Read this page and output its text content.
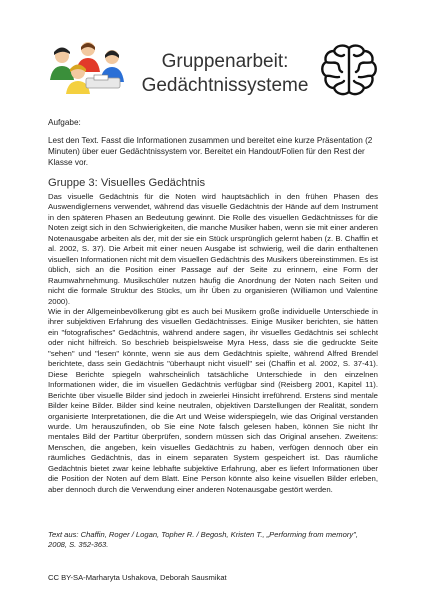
Gruppenarbeit:
Gedächtnissysteme
Aufgabe:
Lest den Text. Fasst die Informationen zusammen und bereitet eine kurze Präsentation (2 Minuten) über euer Gedächtnissystem vor. Bereitet ein Handout/Folien für den Rest der Klasse vor.
Gruppe 3: Visuelles Gedächtnis

Das visuelle Gedächtnis für die Noten wird hauptsächlich in den frühen Phasen des Auswendiglernens verwendet, während das visuelle Gedächtnis der Hände auf dem Instrument in den späteren Phasen an Bedeutung gewinnt. Die Rolle des visuellen Gedächtnisses für die Noten zeigt sich in den Schwierigkeiten, die manche Musiker haben, wenn sie mit einer anderen Notenausgabe arbeiten als der, mit der sie ein Stück ursprünglich gelernt haben (z. B. Chaffin et al. 2002, S. 37). Die Arbeit mit einer neuen Ausgabe ist schwierig, weil die darin enthaltenen visuellen Informationen nicht mit dem visuellen Gedächtnis des Musikers übereinstimmen. Es ist üblich, sich an die Position einer Passage auf der Seite zu erinnern, eine Form der Raumwahrnehmung. Musikschüler nutzen häufig die Anordnung der Noten nach Seiten und nicht die formale Struktur des Stücks, um ihr Üben zu organisieren (Williamon und Valentine 2000).

Wie in der Allgemeinbevölkerung gibt es auch bei Musikern große individuelle Unterschiede in ihrer subjektiven Erfahrung des visuellen Gedächtnisses. Einige Musiker berichten, sie hätten ein "fotografisches" Gedächtnis, während andere sagen, ihr visuelles Gedächtnis sei schlecht oder nicht hilfreich. So beschrieb beispielsweise Myra Hess, dass sie die gedruckte Seite "sehen" und "lesen" könnte, wenn sie aus dem Gedächtnis spielte, während Alfred Brendel berichtete, dass sein Gedächtnis "überhaupt nicht visuell" sei (Chaffin et al. 2002, S. 37-41). Diese Berichte spiegeln wahrscheinlich tatsächliche Unterschiede in den einzelnen Informationen wider, die im visuellen Gedächtnis verfügbar sind (Reisberg 2001, Kapitel 11). Berichte über visuelle Bilder sind jedoch in zweierlei Hinsicht irreführend. Erstens sind mentale Bilder keine Bilder. Bilder sind keine neutralen, objektiven Darstellungen der Realität, sondern organisierte Interpretationen, die die Art und Weise widerspiegeln, wie das Original verstanden wurde. Um herauszufinden, ob Sie eine Note falsch gelesen haben, können Sie nicht Ihr mentales Bild der Partitur überprüfen, sondern müssen sich das Original ansehen. Zweitens: Menschen, die angeben, kein visuelles Gedächtnis zu haben, verfügen dennoch über ein räumliches Gedächtnis, das in einem separaten System gespeichert ist. Das räumliche Gedächtnis bietet zwar keine lebhafte subjektive Erfahrung, aber es liefert Informationen über die Position der Noten auf dem Blatt. Eine Person könnte also keine visuellen Bilder erleben, aber dennoch durch die Verwendung einer anderen Notenausgabe gestört werden.

Text aus: Chaffin, Roger / Logan, Topher R. / Begosh, Kristen T., „Performing from memory", 2008, S. 352-363.
CC BY-SA-Marharyta Ushakova, Deborah Sausmikat
